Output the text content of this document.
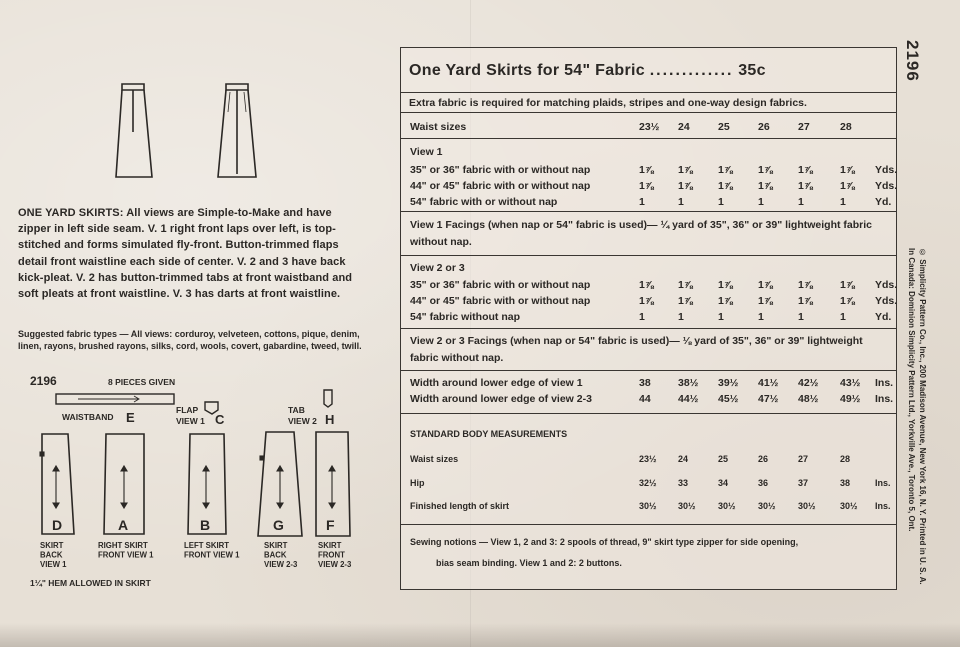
ONE YARD SKIRTS: All views are Simple-to-Make and have zipper in left side seam. V. 1 right front laps over left, is top-stitched and forms simulated fly-front. Button-trimmed flaps detail front waistline each side of center. V. 2 and 3 have back kick-pleat. V. 2 has button-trimmed tabs at front waistband and soft pleats at front waistline. V. 3 has darts at front waistline.
Suggested fabric types — All views: corduroy, velveteen, cottons, pique, denim, linen, rayons, brushed rayons, silks, cord, wools, covert, gabardine, tweed, twill.
2196	8 PIECES GIVEN
WAISTBAND E	FLAP
VIEW 1 C
TAB
VIEW 2 H
D	A	B	G	F
SKIRT
BACK
VIEW 1
RIGHT SKIRT
FRONT VIEW 1
LEFT SKIRT
FRONT VIEW 1
SKIRT
BACK
VIEW 2-3
SKIRT
FRONT
VIEW 2-3
1¼" HEM ALLOWED IN SKIRT
2196
© Simplicity Pattern Co., Inc., 200 Madison Avenue, New York 16, N. Y. Printed in U. S. A.
In Canada: Dominion Simplicity Pattern Ltd., Yorkville Ave., Toronto 5, Ont.
One Yard Skirts for 54" Fabric ............. 35c
Extra fabric is required for matching plaids, stripes and one-way design fabrics.
Waist sizes	23½ 24	25	26	27	28
View 1
35" or 36" fabric with or without nap	1⅞ 1⅞ 1⅞ 1⅞ 1⅞	1⅞ Yds.
44" or 45" fabric with or without nap	1⅞ 1⅞ 1⅞ 1⅞ 1⅞	1⅞ Yds.
54" fabric with or without nap	1	1	1	1	1	1	Yd.
View 1 Facings (when nap or 54" fabric is used)— ¼ yard of 35", 36" or 39" lightweight fabric without nap.
View 2 or 3
35" or 36" fabric with or without nap	1⅞ 1⅞ 1⅞ 1⅞ 1⅞	1⅞ Yds.
44" or 45" fabric with or without nap	1⅞ 1⅞ 1⅞ 1⅞ 1⅞	1⅞ Yds.
54" fabric without nap	1	1	1	1	1	1	Yd.
View 2 or 3 Facings (when nap or 54" fabric is used)— ⅛ yard of 35", 36" or 39" lightweight fabric without nap.
Width around lower edge of view 1	38	38½ 39½ 41½ 42½ 43½ Ins.
Width around lower edge of view 2-3	44	44½ 45½ 47½ 48½ 49½ Ins.
STANDARD BODY MEASUREMENTS
Waist sizes	23½ 24	25	26	27	28
Hip	32½ 33	34	36	37	38	Ins.
Finished length of skirt	30½ 30½ 30½ 30½ 30½	30½ Ins.
Sewing notions — View 1, 2 and 3: 2 spools of thread, 9" skirt type zipper for side opening,
bias seam binding. View 1 and 2: 2 buttons.
